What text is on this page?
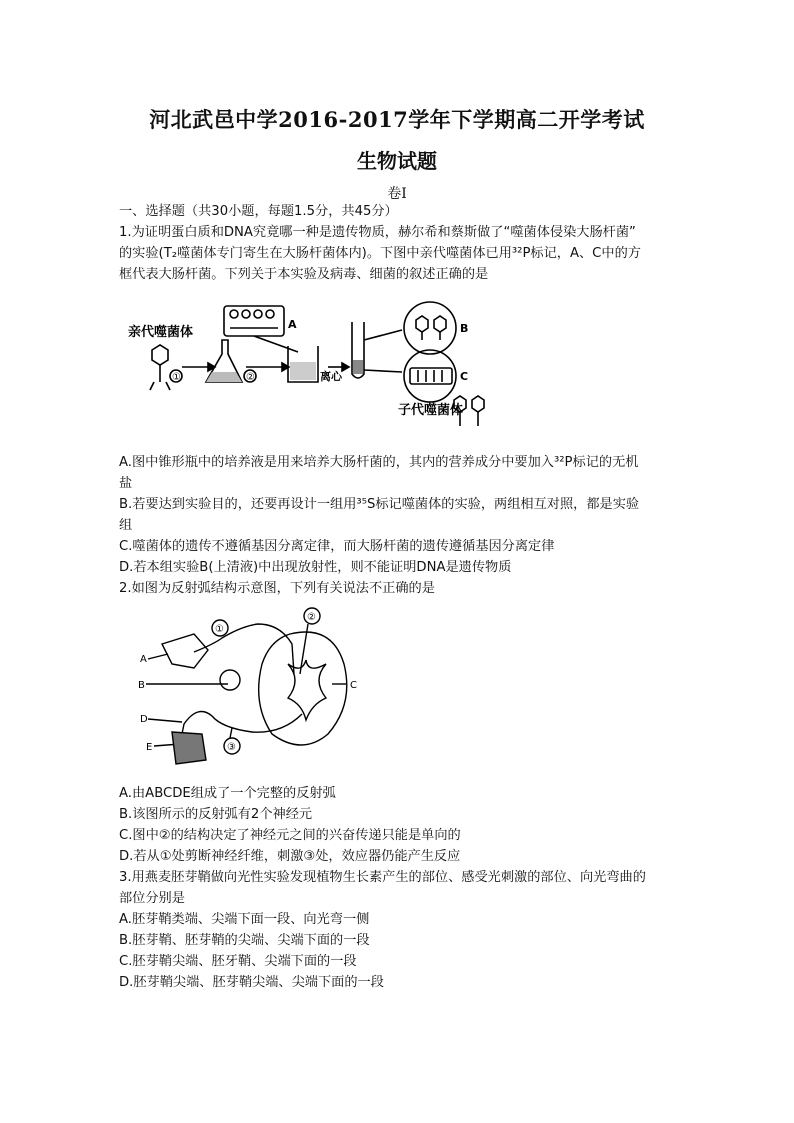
河北武邑中学2016-2017学年下学期高二开学考试
生物试题
卷Ⅰ
一、选择题（共30小题，每题1.5分，共45分）
1.为证明蛋白质和DNA究竟哪一种是遗传物质，赫尔希和蔡斯做了“噬菌体侵染大肠杆菌”
的实验(T₂噬菌体专门寄生在大肠杆菌体内)。下图中亲代噬菌体已用³²P标记，A、C中的方
框代表大肠杆菌。下列关于本实验及病毒、细菌的叙述正确的是
亲代噬菌体
①	②
A
离心
B
C
子代噬菌体
A.图中锥形瓶中的培养液是用来培养大肠杆菌的，其内的营养成分中要加入³²P标记的无机
盐
B.若要达到实验目的，还要再设计一组用³⁵S标记噬菌体的实验，两组相互对照，都是实验
组
C.噬菌体的遗传不遵循基因分离定律，而大肠杆菌的遗传遵循基因分离定律
D.若本组实验B(上清液)中出现放射性，则不能证明DNA是遗传物质
2.如图为反射弧结构示意图，下列有关说法不正确的是
A
B
D
E
C
①
②
③
A.由ABCDE组成了一个完整的反射弧
B.该图所示的反射弧有2个神经元
C.图中②的结构决定了神经元之间的兴奋传递只能是单向的
D.若从①处剪断神经纤维，刺激③处，效应器仍能产生反应
3.用燕麦胚芽鞘做向光性实验发现植物生长素产生的部位、感受光刺激的部位、向光弯曲的
部位分别是
A.胚芽鞘类端、尖端下面一段、向光弯一侧
B.胚芽鞘、胚芽鞘的尖端、尖端下面的一段
C.胚芽鞘尖端、胚牙鞘、尖端下面的一段
D.胚芽鞘尖端、胚芽鞘尖端、尖端下面的一段
